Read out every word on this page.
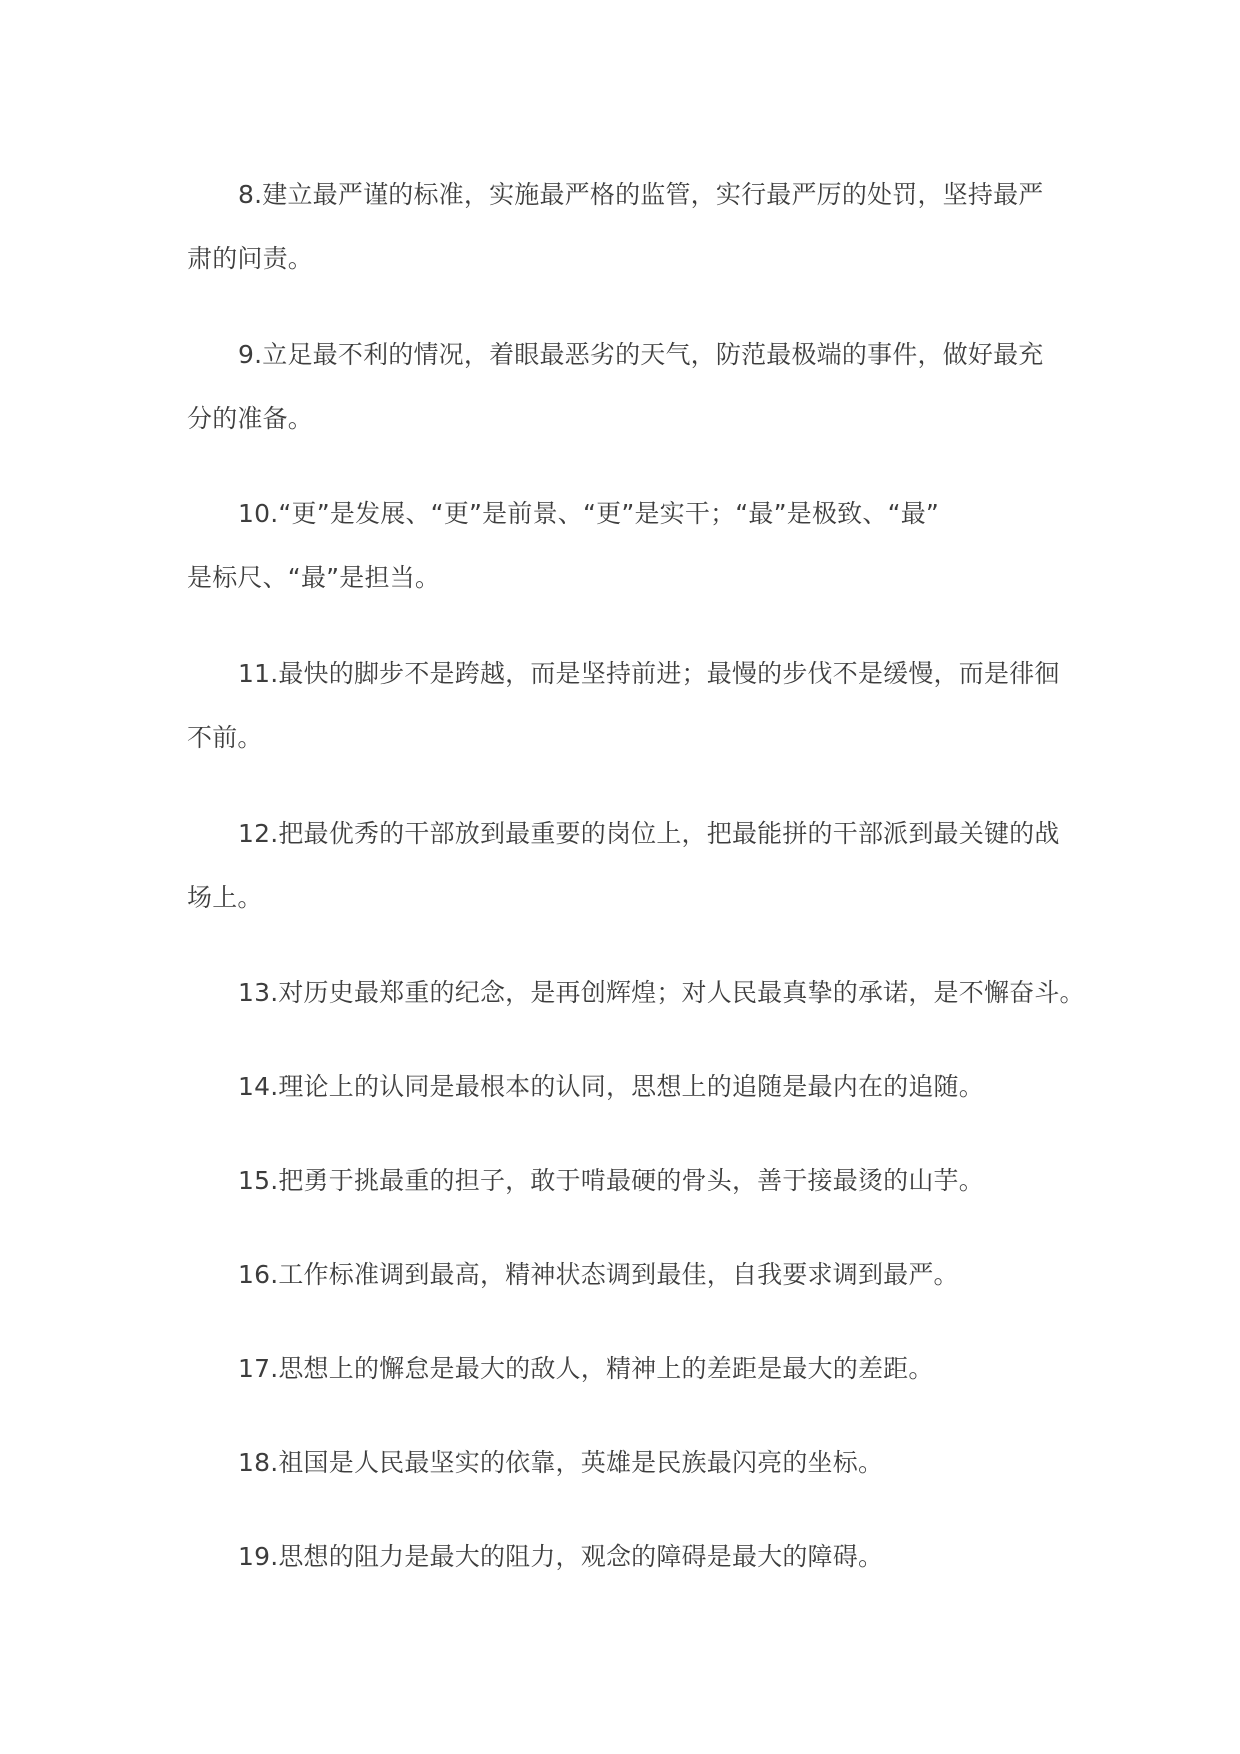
8.建立最严谨的标准，实施最严格的监管，实行最严厉的处罚，坚持最严
肃的问责。
9.立足最不利的情况，着眼最恶劣的天气，防范最极端的事件，做好最充
分的准备。
10.“更”是发展、“更”是前景、“更”是实干；“最”是极致、“最”
是标尺、“最”是担当。
11.最快的脚步不是跨越，而是坚持前进；最慢的步伐不是缓慢，而是徘徊
不前。
12.把最优秀的干部放到最重要的岗位上，把最能拼的干部派到最关键的战
场上。
13.对历史最郑重的纪念，是再创辉煌；对人民最真挚的承诺，是不懈奋斗。
14.理论上的认同是最根本的认同，思想上的追随是最内在的追随。
15.把勇于挑最重的担子，敢于啃最硬的骨头，善于接最烫的山芋。
16.工作标准调到最高，精神状态调到最佳，自我要求调到最严。
17.思想上的懈怠是最大的敌人，精神上的差距是最大的差距。
18.祖国是人民最坚实的依靠，英雄是民族最闪亮的坐标。
19.思想的阻力是最大的阻力，观念的障碍是最大的障碍。
